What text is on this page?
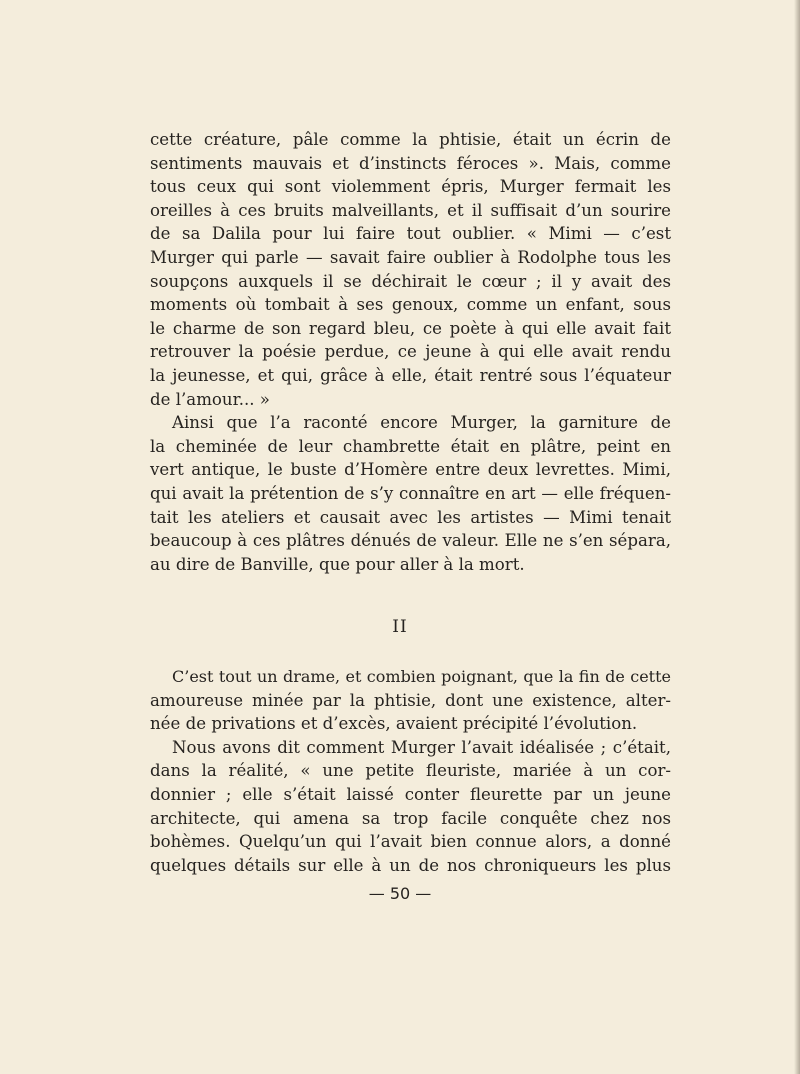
cette créature, pâle comme la phtisie, était un écrin de

sentiments mauvais et d’instincts féroces ». Mais, comme

tous ceux qui sont violemment épris, Murger fermait les

oreilles à ces bruits malveillants, et il suffisait d’un sourire

de sa Dalila pour lui faire tout oublier. « Mimi — c’est

Murger qui parle — savait faire oublier à Rodolphe tous les

soupçons auxquels il se déchirait le cœur ; il y avait des

moments où tombait à ses genoux, comme un enfant, sous

le charme de son regard bleu, ce poète à qui elle avait fait

retrouver la poésie perdue, ce jeune à qui elle avait rendu

la jeunesse, et qui, grâce à elle, était rentré sous l’équateur

de l’amour... »

Ainsi que l’a raconté encore Murger, la garniture de

la cheminée de leur chambrette était en plâtre, peint en

vert antique, le buste d’Homère entre deux levrettes. Mimi,

qui avait la prétention de s’y connaître en art — elle fréquen-

tait les ateliers et causait avec les artistes — Mimi tenait

beaucoup à ces plâtres dénués de valeur. Elle ne s’en sépara,

au dire de Banville, que pour aller à la mort.

II

C’est tout un drame, et combien poignant, que la fin de cette

amoureuse minée par la phtisie, dont une existence, alter-

née de privations et d’excès, avaient précipité l’évolution.

Nous avons dit comment Murger l’avait idéalisée ; c’était,

dans la réalité, « une petite fleuriste, mariée à un cor-

donnier ; elle s’était laissé conter fleurette par un jeune

architecte, qui amena sa trop facile conquête chez nos

bohèmes. Quelqu’un qui l’avait bien connue alors, a donné

quelques détails sur elle à un de nos chroniqueurs les plus

— 50 —
